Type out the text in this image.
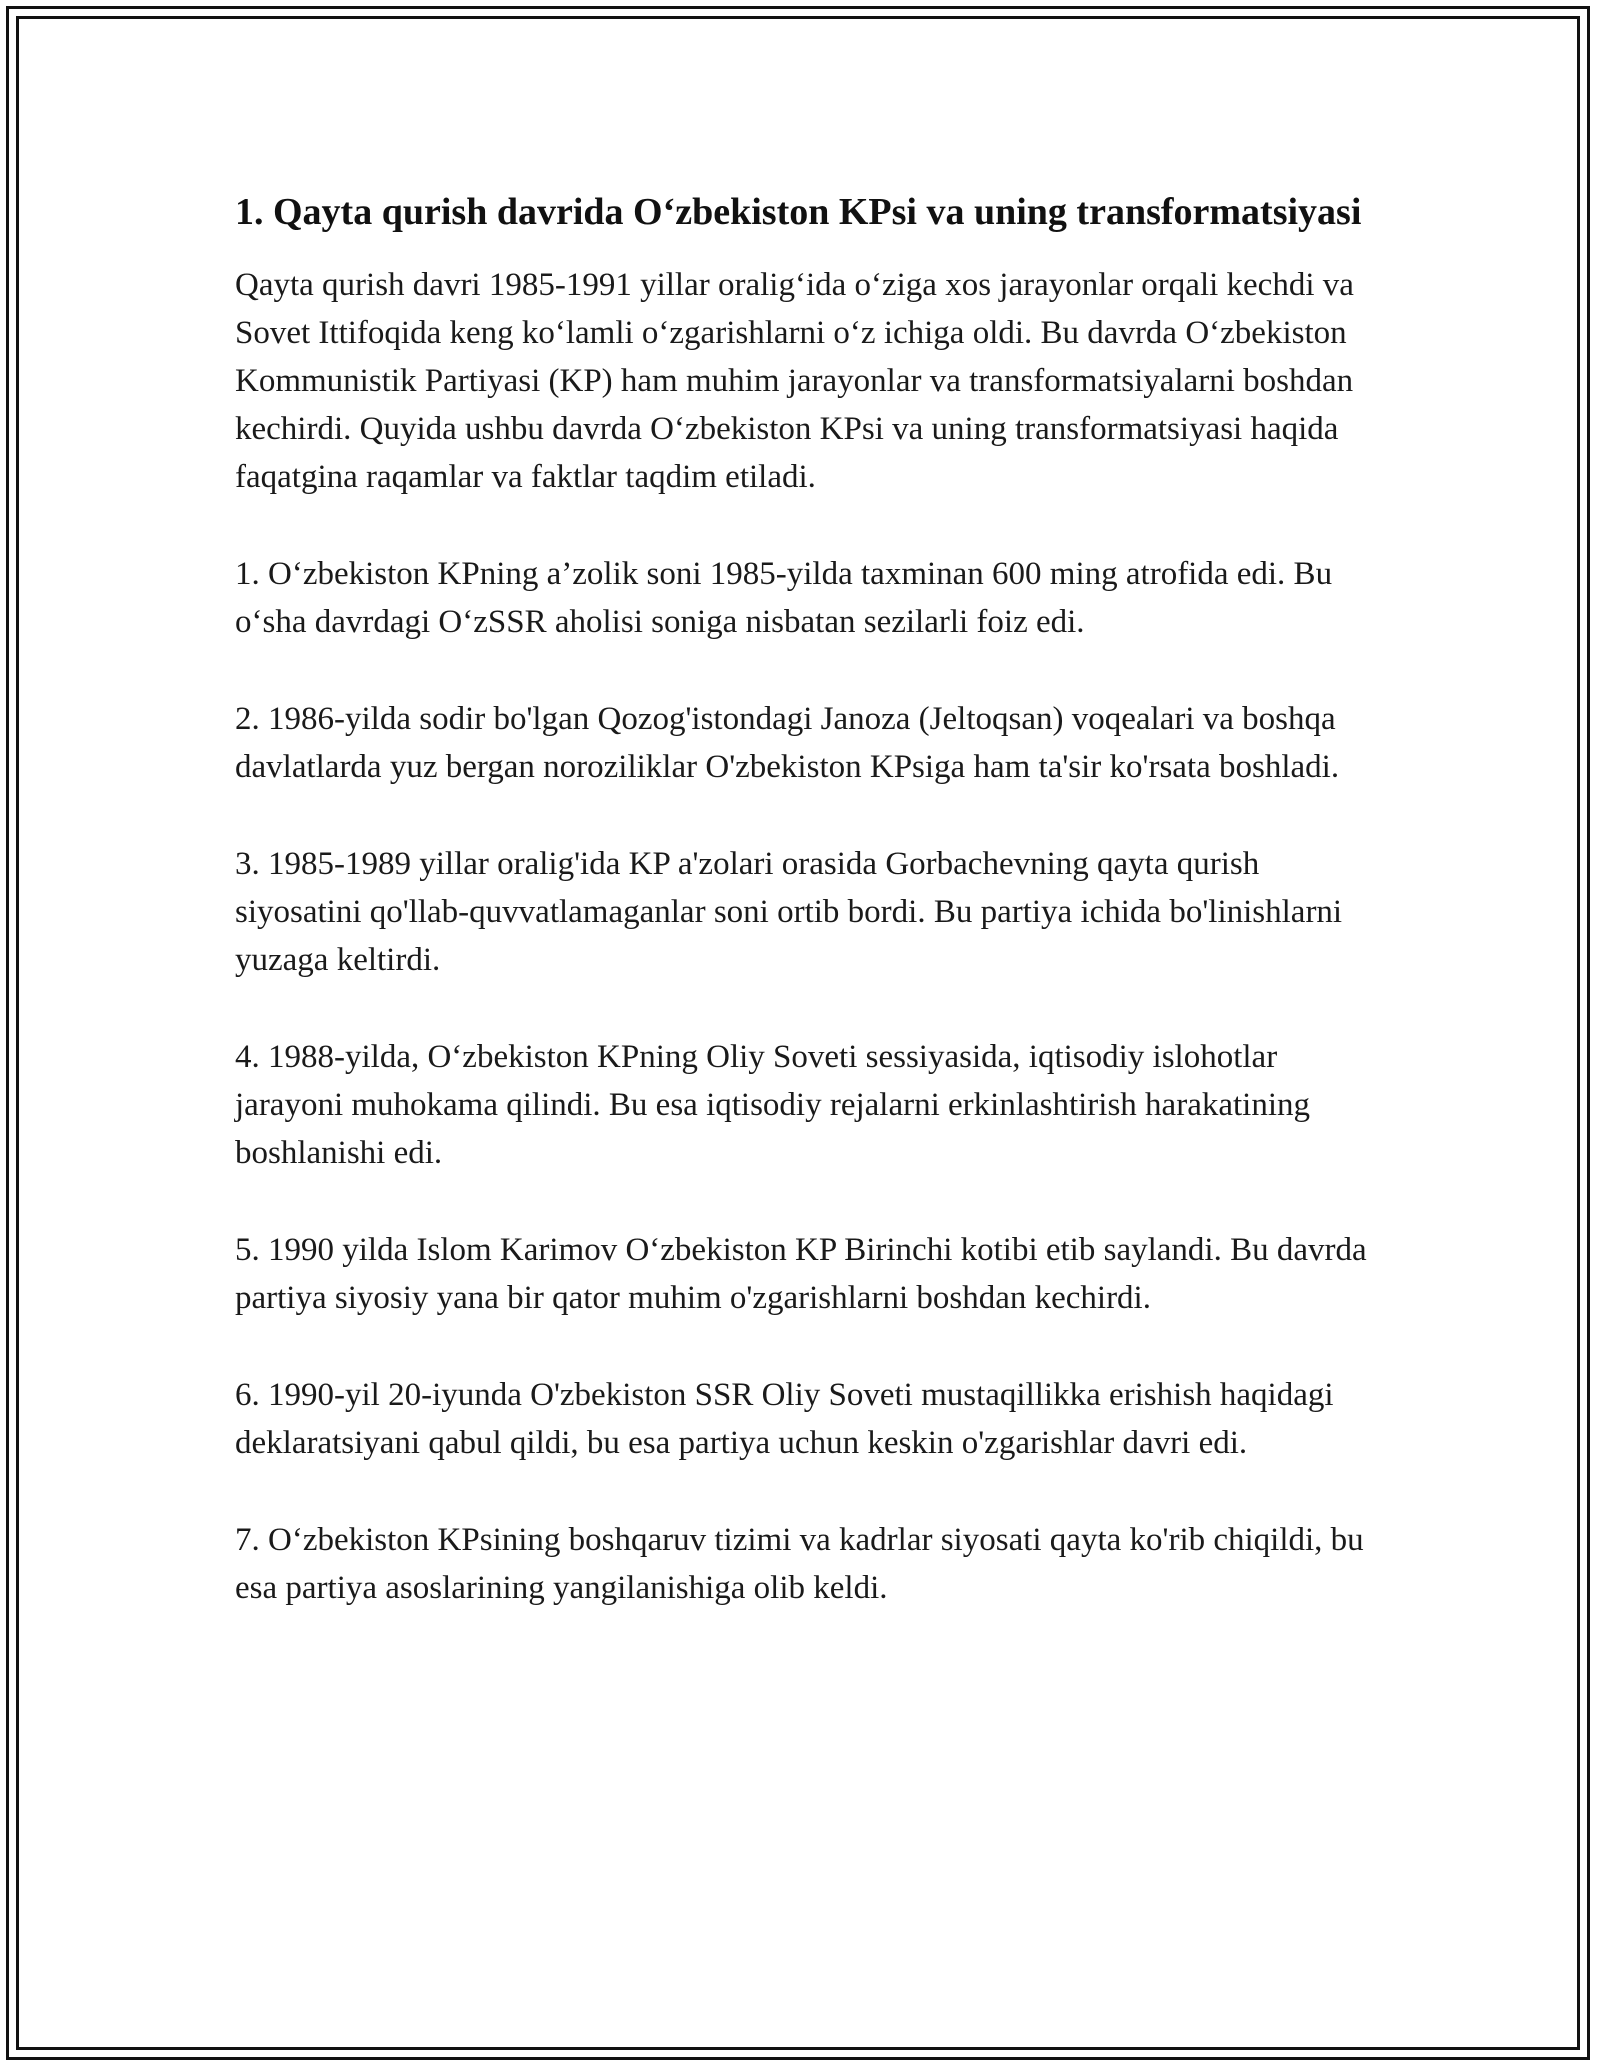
1. Qayta qurish davrida O‘zbekiston KPsi va uning transformatsiyasi

Qayta qurish davri 1985-1991 yillar oralig‘ida o‘ziga xos jarayonlar orqali kechdi va Sovet Ittifoqida keng ko‘lamli o‘zgarishlarni o‘z ichiga oldi. Bu davrda O‘zbekiston Kommunistik Partiyasi (KP) ham muhim jarayonlar va transformatsiyalarni boshdan kechirdi. Quyida ushbu davrda O‘zbekiston KPsi va uning transformatsiyasi haqida faqatgina raqamlar va faktlar taqdim etiladi.

1. O‘zbekiston KPning a’zolik soni 1985-yilda taxminan 600 ming atrofida edi. Bu o‘sha davrdagi O‘zSSR aholisi soniga nisbatan sezilarli foiz edi.

2. 1986-yilda sodir bo'lgan Qozog'istondagi Janoza (Jeltoqsan) voqealari va boshqa davlatlarda yuz bergan noroziliklar O'zbekiston KPsiga ham ta'sir ko'rsata boshladi.

3. 1985-1989 yillar oralig'ida KP a'zolari orasida Gorbachevning qayta qurish siyosatini qo'llab-quvvatlamaganlar soni ortib bordi. Bu partiya ichida bo'linishlarni yuzaga keltirdi.

4. 1988-yilda, O‘zbekiston KPning Oliy Soveti sessiyasida, iqtisodiy islohotlar jarayoni muhokama qilindi. Bu esa iqtisodiy rejalarni erkinlashtirish harakatining boshlanishi edi.

5. 1990 yilda Islom Karimov O‘zbekiston KP Birinchi kotibi etib saylandi. Bu davrda partiya siyosiy yana bir qator muhim o'zgarishlarni boshdan kechirdi.

6. 1990-yil 20-iyunda O'zbekiston SSR Oliy Soveti mustaqillikka erishish haqidagi deklaratsiyani qabul qildi, bu esa partiya uchun keskin o'zgarishlar davri edi.

7. O‘zbekiston KPsining boshqaruv tizimi va kadrlar siyosati qayta ko'rib chiqildi, bu esa partiya asoslarining yangilanishiga olib keldi.
